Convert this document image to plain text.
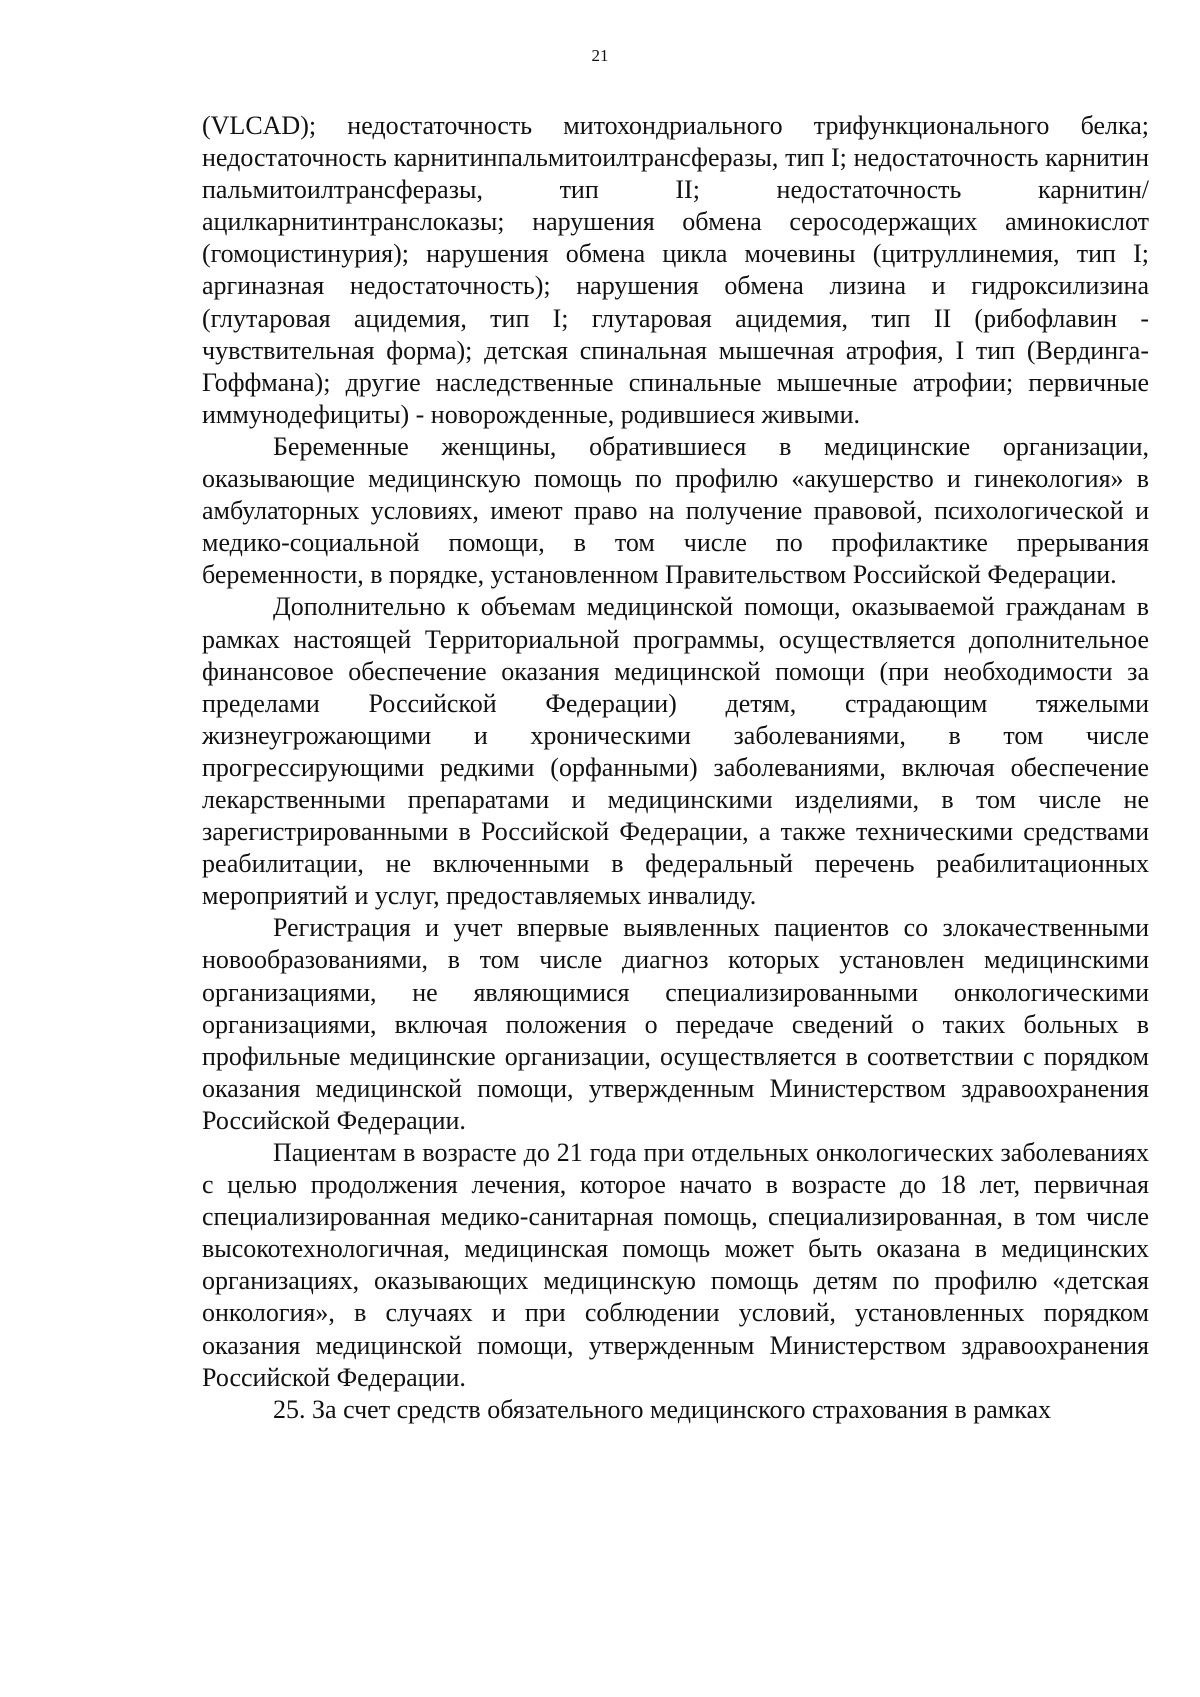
21

(VLCAD); недостаточность митохондриального трифункционального белка; недостаточность карнитинпальмитоилтрансферазы, тип I; недостаточность карнитин пальмитоилтрансферазы, тип II; недостаточность карнитин/ацилкарнитинтранслоказы; нарушения обмена серосодержащих аминокислот (гомоцистинурия); нарушения обмена цикла мочевины (цитруллинемия, тип I; аргиназная недостаточность); нарушения обмена лизина и гидроксилизина (глутаровая ацидемия, тип I; глутаровая ацидемия, тип II (рибофлавин - чувствительная форма); детская спинальная мышечная атрофия, I тип (Вердинга-Гоффмана); другие наследственные спинальные мышечные атрофии; первичные иммунодефициты) - новорожденные, родившиеся живыми.

Беременные женщины, обратившиеся в медицинские организации, оказывающие медицинскую помощь по профилю «акушерство и гинекология» в амбулаторных условиях, имеют право на получение правовой, психологической и медико-социальной помощи, в том числе по профилактике прерывания беременности, в порядке, установленном Правительством Российской Федерации.

Дополнительно к объемам медицинской помощи, оказываемой гражданам в рамках настоящей Территориальной программы, осуществляется дополнительное финансовое обеспечение оказания медицинской помощи (при необходимости за пределами Российской Федерации) детям, страдающим тяжелыми жизнеугрожающими и хроническими заболеваниями, в том числе прогрессирующими редкими (орфанными) заболеваниями, включая обеспечение лекарственными препаратами и медицинскими изделиями, в том числе не зарегистрированными в Российской Федерации, а также техническими средствами реабилитации, не включенными в федеральный перечень реабилитационных мероприятий и услуг, предоставляемых инвалиду.

Регистрация и учет впервые выявленных пациентов со злокачественными новообразованиями, в том числе диагноз которых установлен медицинскими организациями, не являющимися специализированными онкологическими организациями, включая положения о передаче сведений о таких больных в профильные медицинские организации, осуществляется в соответствии с порядком оказания медицинской помощи, утвержденным Министерством здравоохранения Российской Федерации.

Пациентам в возрасте до 21 года при отдельных онкологических заболеваниях с целью продолжения лечения, которое начато в возрасте до 18 лет, первичная специализированная медико-санитарная помощь, специализированная, в том числе высокотехнологичная, медицинская помощь может быть оказана в медицинских организациях, оказывающих медицинскую помощь детям по профилю «детская онкология», в случаях и при соблюдении условий, установленных порядком оказания медицинской помощи, утвержденным Министерством здравоохранения Российской Федерации.

25. За счет средств обязательного медицинского страхования в рамках
